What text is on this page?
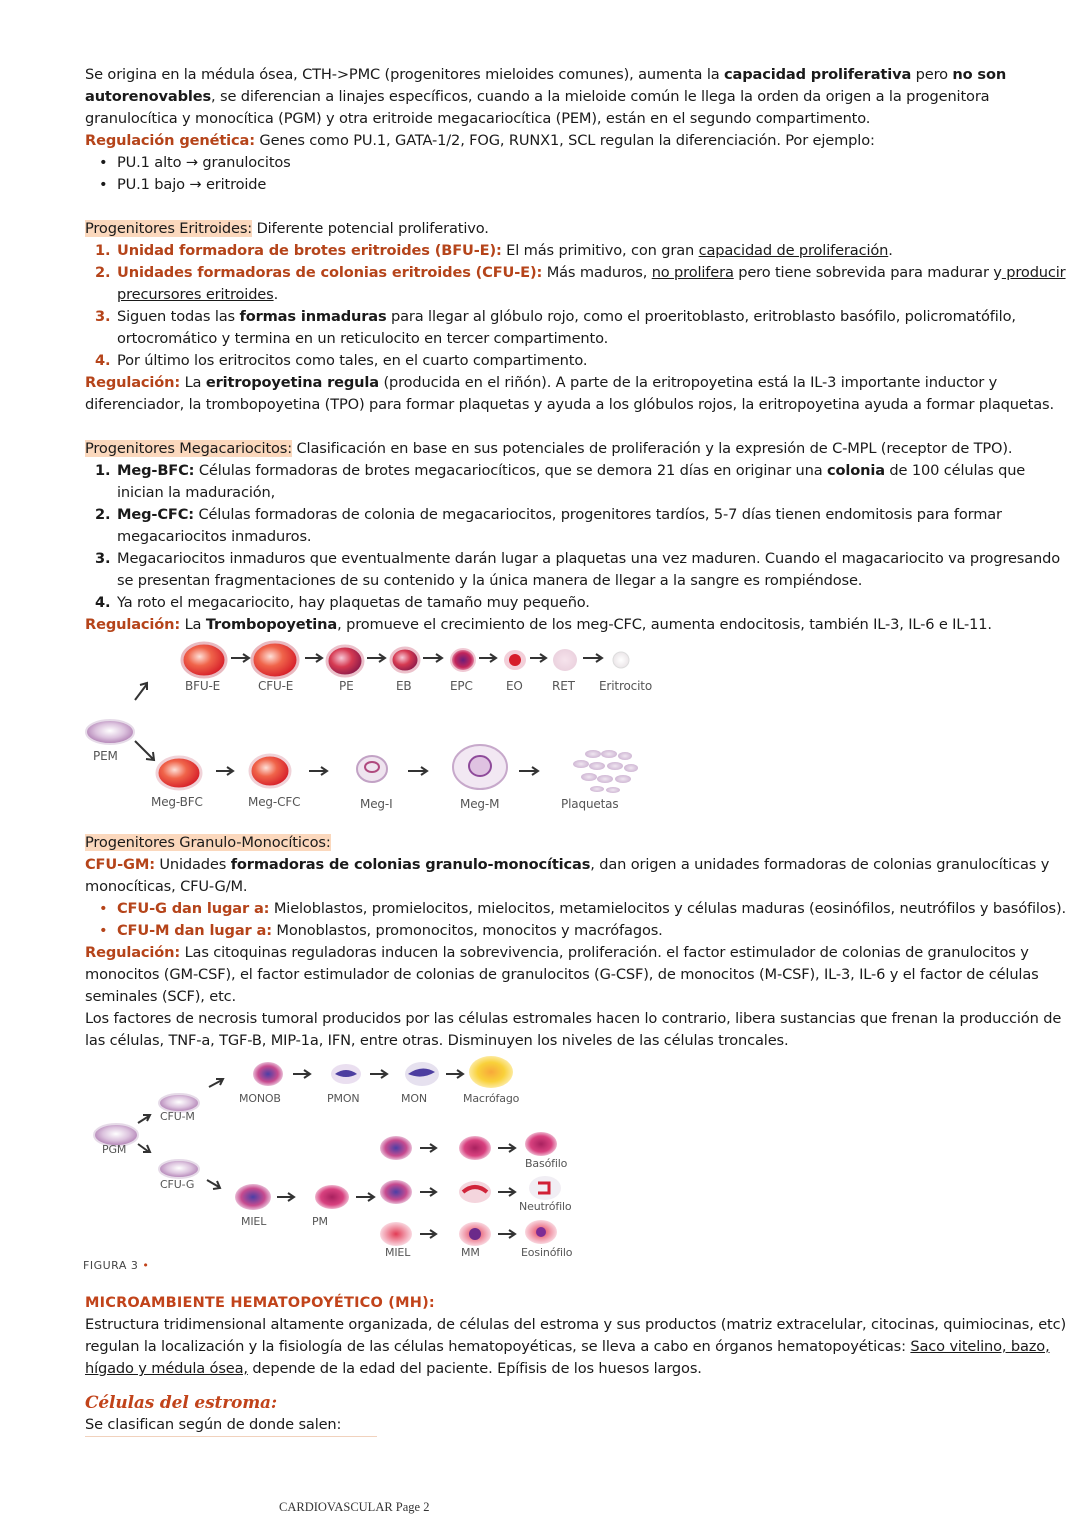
Se origina en la médula ósea, CTH->PMC (progenitores mieloides comunes), aumenta la capacidad proliferativa pero no son autorenovables, se diferencian a linajes específicos, cuando a la mieloide común le llega la orden da origen a la progenitora granulocítica y monocítica (PGM) y otra eritroide megacariocítica (PEM), están en el segundo compartimento.

Regulación genética: Genes como PU.1, GATA-1/2, FOG, RUNX1, SCL regulan la diferenciación. Por ejemplo:

• PU.1 alto → granulocitos
• PU.1 bajo → eritroide

Progenitores Eritroides: Diferente potencial proliferativo.

1. Unidad formadora de brotes eritroides (BFU-E): El más primitivo, con gran capacidad de proliferación.
2. Unidades formadoras de colonias eritroides (CFU-E): Más maduros, no prolifera pero tiene sobrevida para madurar y producir precursores eritroides.
3. Siguen todas las formas inmaduras para llegar al glóbulo rojo, como el proeritoblasto, eritroblasto basófilo, policromatófilo, ortocromático y termina en un reticulocito en tercer compartimento.
4. Por último los eritrocitos como tales, en el cuarto compartimento.

Regulación: La eritropoyetina regula (producida en el riñón). A parte de la eritropoyetina está la IL-3 importante inductor y diferenciador, la trombopoyetina (TPO) para formar plaquetas y ayuda a los glóbulos rojos, la eritropoyetina ayuda a formar plaquetas.

Progenitores Megacariocitos: Clasificación en base en sus potenciales de proliferación y la expresión de C-MPL (receptor de TPO).

1. Meg-BFC: Células formadoras de brotes megacariocíticos, que se demora 21 días en originar una colonia de 100 células que inician la maduración,
2. Meg-CFC: Células formadoras de colonia de megacariocitos, progenitores tardíos, 5-7 días tienen endomitosis para formar megacariocitos inmaduros.
3. Megacariocitos inmaduros que eventualmente darán lugar a plaquetas una vez maduren. Cuando el magacariocito va progresando se presentan fragmentaciones de su contenido y la única manera de llegar a la sangre es rompiéndose.
4. Ya roto el megacariocito, hay plaquetas de tamaño muy pequeño.

Regulación: La Trombopoyetina, promueve el crecimiento de los meg-CFC, aumenta endocitosis, también IL-3, IL-6 e IL-11.

BFU-E	CFU-E	PE	EB	EPC	EO RET Eritrocito
PEM
Meg-BFC	Meg-CFC	Meg-I	Meg-M	Plaquetas

Progenitores Granulo-Monocíticos:

CFU-GM: Unidades formadoras de colonias granulo-monocíticas, dan origen a unidades formadoras de colonias granulocíticas y monocíticas, CFU-G/M.

• CFU-G dan lugar a: Mieloblastos, promielocitos, mielocitos, metamielocitos y células maduras (eosinófilos, neutrófilos y basófilos).
• CFU-M dan lugar a: Monoblastos, promonocitos, monocitos y macrófagos.

Regulación: Las citoquinas reguladoras inducen la sobrevivencia, proliferación. el factor estimulador de colonias de granulocitos y monocitos (GM-CSF), el factor estimulador de colonias de granulocitos (G-CSF), de monocitos (M-CSF), IL-3, IL-6 y el factor de células seminales (SCF), etc.

Los factores de necrosis tumoral producidos por las células estromales hacen lo contrario, libera sustancias que frenan la producción de las células, TNF-a, TGF-B, MIP-1a, IFN, entre otras. Disminuyen los niveles de las células troncales.

PGM
CFU-M
CFU-G
MONOB	PMON	MON	Macrófago
Basófilo
Neutrófilo
Eosinófilo
MIEL	PM
MIEL	MM
FIGURA 3 •

MICROAMBIENTE HEMATOPOYÉTICO (MH):

Estructura tridimensional altamente organizada, de células del estroma y sus productos (matriz extracelular, citocinas, quimiocinas, etc) regulan la localización y la fisiología de las células hematopoyéticas, se lleva a cabo en órganos hematopoyéticas: Saco vitelino, bazo, hígado y médula ósea, depende de la edad del paciente. Epífisis de los huesos largos.

Células del estroma:

Se clasifican según de donde salen:

CARDIOVASCULAR Page 2
